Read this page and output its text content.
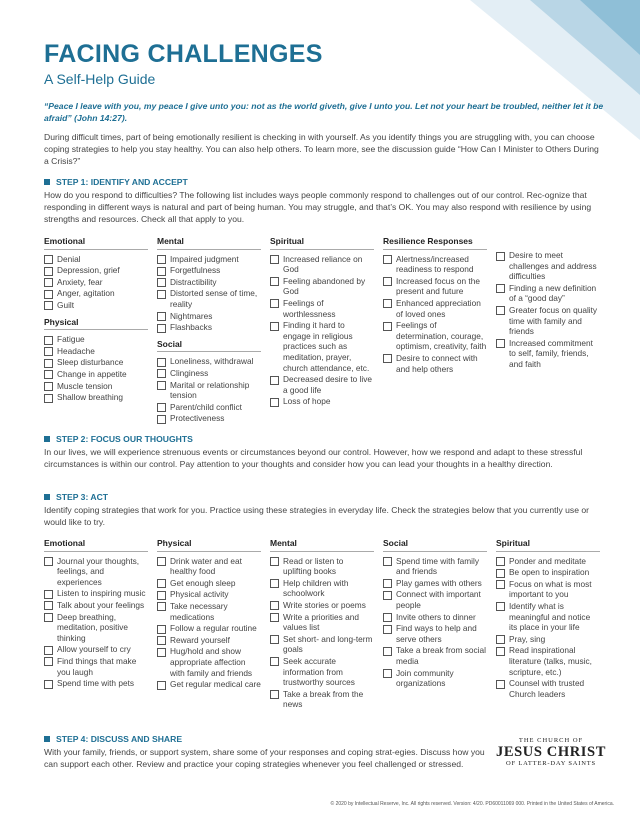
FACING CHALLENGES
A Self-Help Guide
“Peace I leave with you, my peace I give unto you: not as the world giveth, give I unto you. Let not your heart be troubled, neither let it be afraid” (John 14:27).
During difficult times, part of being emotionally resilient is checking in with yourself. As you identify things you are struggling with, you can choose coping strategies to help you stay healthy. You can also help others. To learn more, see the discussion guide “How Can I Minister to Others During a Crisis?”
STEP 1: IDENTIFY AND ACCEPT
How do you respond to difficulties? The following list includes ways people commonly respond to challenges out of our control. Rec-ognize that responding in different ways is natural and part of being human. You may struggle, and that’s OK. You may also respond with resilience by using strengths and resources. Check all that apply to you.
Emotional
Denial
Depression, grief
Anxiety, fear
Anger, agitation
Guilt
Physical
Fatigue
Headache
Sleep disturbance
Change in appetite
Muscle tension
Shallow breathing
Mental
Impaired judgment
Forgetfulness
Distractibility
Distorted sense of time, reality
Nightmares
Flashbacks
Social
Loneliness, withdrawal
Clinginess
Marital or relationship tension
Parent/child conflict
Protectiveness
Spiritual
Increased reliance on God
Feeling abandoned by God
Feelings of worthlessness
Finding it hard to engage in religious practices such as meditation, prayer, church attendance, etc.
Decreased desire to live a good life
Loss of hope
Resilience Responses
Alertness/increased readiness to respond
Increased focus on the present and future
Enhanced appreciation of loved ones
Feelings of determination, courage, optimism, creativity, faith
Desire to connect with and help others
Desire to meet challenges and address difficulties
Finding a new definition of a “good day”
Greater focus on quality time with family and friends
Increased commitment to self, family, friends, and faith
STEP 2: FOCUS OUR THOUGHTS
In our lives, we will experience strenuous events or circumstances beyond our control. However, how we respond and adapt to these stressful circumstances is within our control. Pay attention to your thoughts and consider how you can lead your thoughts in a healthy direction.
STEP 3: ACT
Identify coping strategies that work for you. Practice using these strategies in everyday life. Check the strategies below that you currently use or would like to try.
Emotional
Journal your thoughts, feelings, and experiences
Listen to inspiring music
Talk about your feelings
Deep breathing, meditation, positive thinking
Allow yourself to cry
Find things that make you laugh
Spend time with pets
Physical
Drink water and eat healthy food
Get enough sleep
Physical activity
Take necessary medications
Follow a regular routine
Reward yourself
Hug/hold and show appropriate affection with family and friends
Get regular medical care
Mental
Read or listen to uplifting books
Help children with schoolwork
Write stories or poems
Write a priorities and values list
Set short- and long-term goals
Seek accurate information from trustworthy sources
Take a break from the news
Social
Spend time with family and friends
Play games with others
Connect with important people
Invite others to dinner
Find ways to help and serve others
Take a break from social media
Join community organizations
Spiritual
Ponder and meditate
Be open to inspiration
Focus on what is most important to you
Identify what is meaningful and notice its place in your life
Pray, sing
Read inspirational literature (talks, music, scripture, etc.)
Counsel with trusted Church leaders
STEP 4: DISCUSS AND SHARE
With your family, friends, or support system, share some of your responses and coping strat-egies. Discuss how you can support each other. Review and practice your coping strategies whenever you feel challenged or stressed.
THE CHURCH OF
JESUS CHRIST
OF LATTER-DAY SAINTS
© 2020 by Intellectual Reserve, Inc. All rights reserved. Version: 4/20. PD60011069 000. Printed in the United States of America.
